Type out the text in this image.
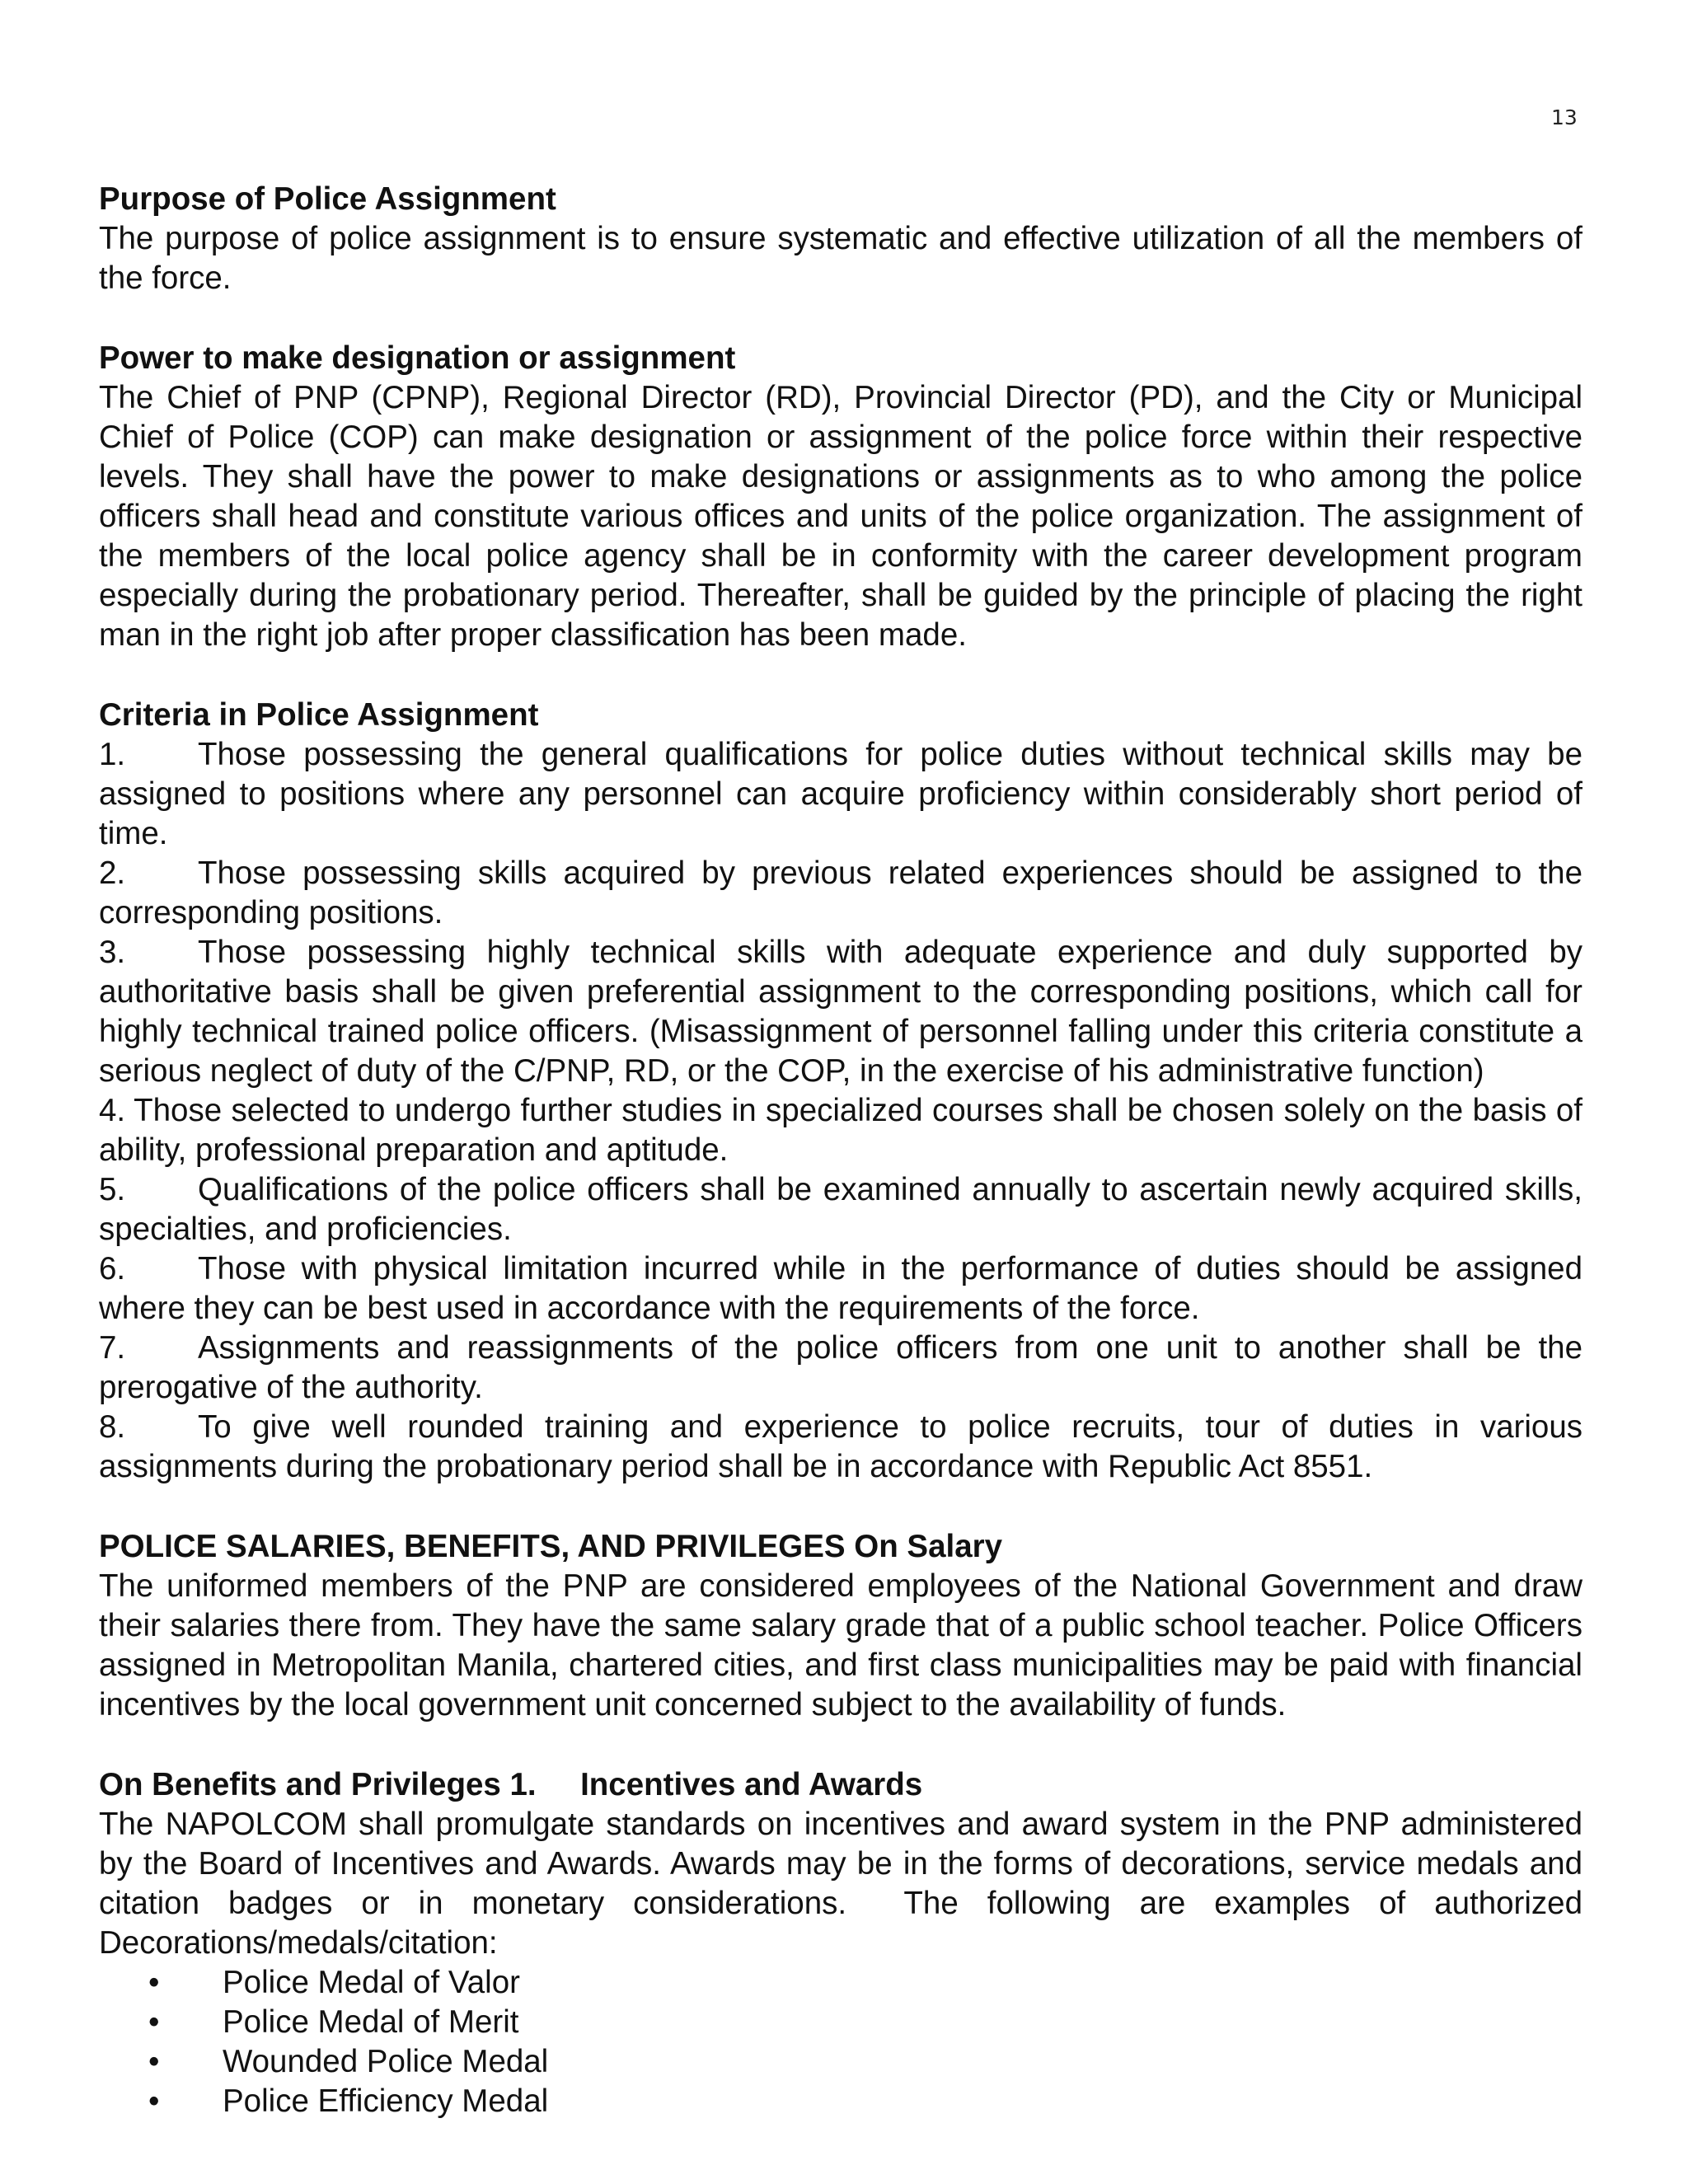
13
Purpose of Police Assignment

The purpose of police assignment is to ensure systematic and effective utilization of all the members of the force.

Power to make designation or assignment

The Chief of PNP (CPNP), Regional Director (RD), Provincial Director (PD), and the City or Municipal Chief of Police (COP) can make designation or assignment of the police force within their respective levels. They shall have the power to make designations or assignments as to who among the police officers shall head and constitute various offices and units of the police organization. The assignment of the members of the local police agency shall be in conformity with the career development program especially during the probationary period. Thereafter, shall be guided by the principle of placing the right man in the right job after proper classification has been made.

Criteria in Police Assignment

1. Those possessing the general qualifications for police duties without technical skills may be assigned to positions where any personnel can acquire proficiency within considerably short period of time.

2. Those possessing skills acquired by previous related experiences should be assigned to the corresponding positions.

3. Those possessing highly technical skills with adequate experience and duly supported by authoritative basis shall be given preferential assignment to the corresponding positions, which call for highly technical trained police officers. (Misassignment of personnel falling under this criteria constitute a serious neglect of duty of the C/PNP, RD, or the COP, in the exercise of his administrative function)

4. Those selected to undergo further studies in specialized courses shall be chosen solely on the basis of ability, professional preparation and aptitude.

5. Qualifications of the police officers shall be examined annually to ascertain newly acquired skills, specialties, and proficiencies.

6. Those with physical limitation incurred while in the performance of duties should be assigned where they can be best used in accordance with the requirements of the force.

7. Assignments and reassignments of the police officers from one unit to another shall be the prerogative of the authority.

8. To give well rounded training and experience to police recruits, tour of duties in various assignments during the probationary period shall be in accordance with Republic Act 8551.

POLICE SALARIES, BENEFITS, AND PRIVILEGES On Salary

The uniformed members of the PNP are considered employees of the National Government and draw their salaries there from. They have the same salary grade that of a public school teacher. Police Officers assigned in Metropolitan Manila, chartered cities, and first class municipalities may be paid with financial incentives by the local government unit concerned subject to the availability of funds.

On Benefits and Privileges 1.     Incentives and Awards

The NAPOLCOM shall promulgate standards on incentives and award system in the PNP administered by the Board of Incentives and Awards. Awards may be in the forms of decorations, service medals and citation badges or in monetary considerations.  The following are examples of authorized Decorations/medals/citation:

•	Police Medal of Valor
•	Police Medal of Merit
•	Wounded Police Medal
•	Police Efficiency Medal
